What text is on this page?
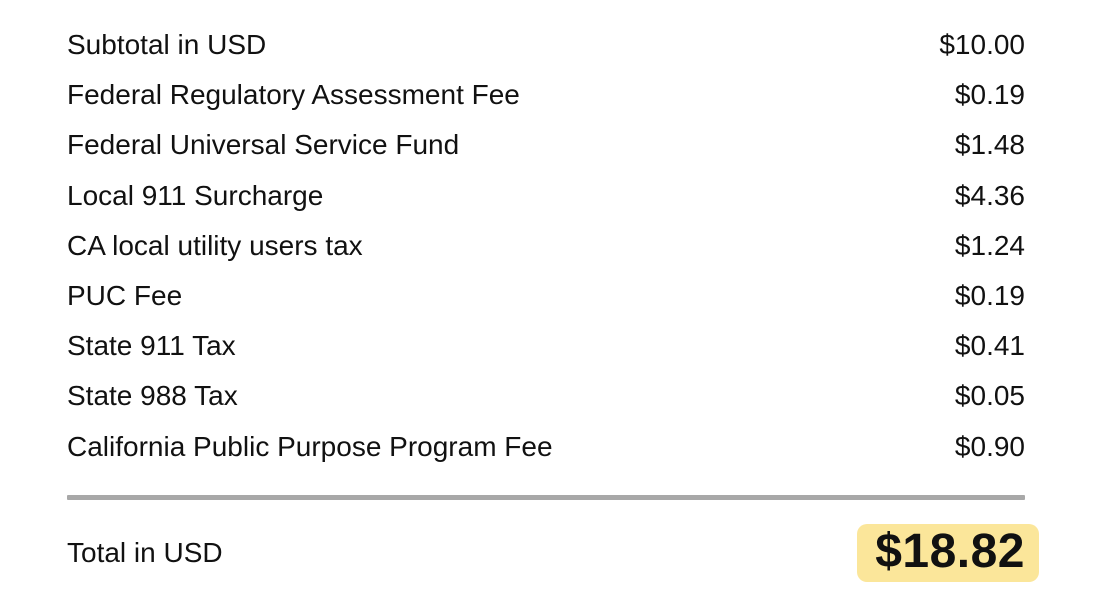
Subtotal in USD	$10.00
Federal Regulatory Assessment Fee	$0.19
Federal Universal Service Fund	$1.48
Local 911 Surcharge	$4.36
CA local utility users tax	$1.24
PUC Fee	$0.19
State 911 Tax	$0.41
State 988 Tax	$0.05
California Public Purpose Program Fee	$0.90
Total in USD	$18.82
